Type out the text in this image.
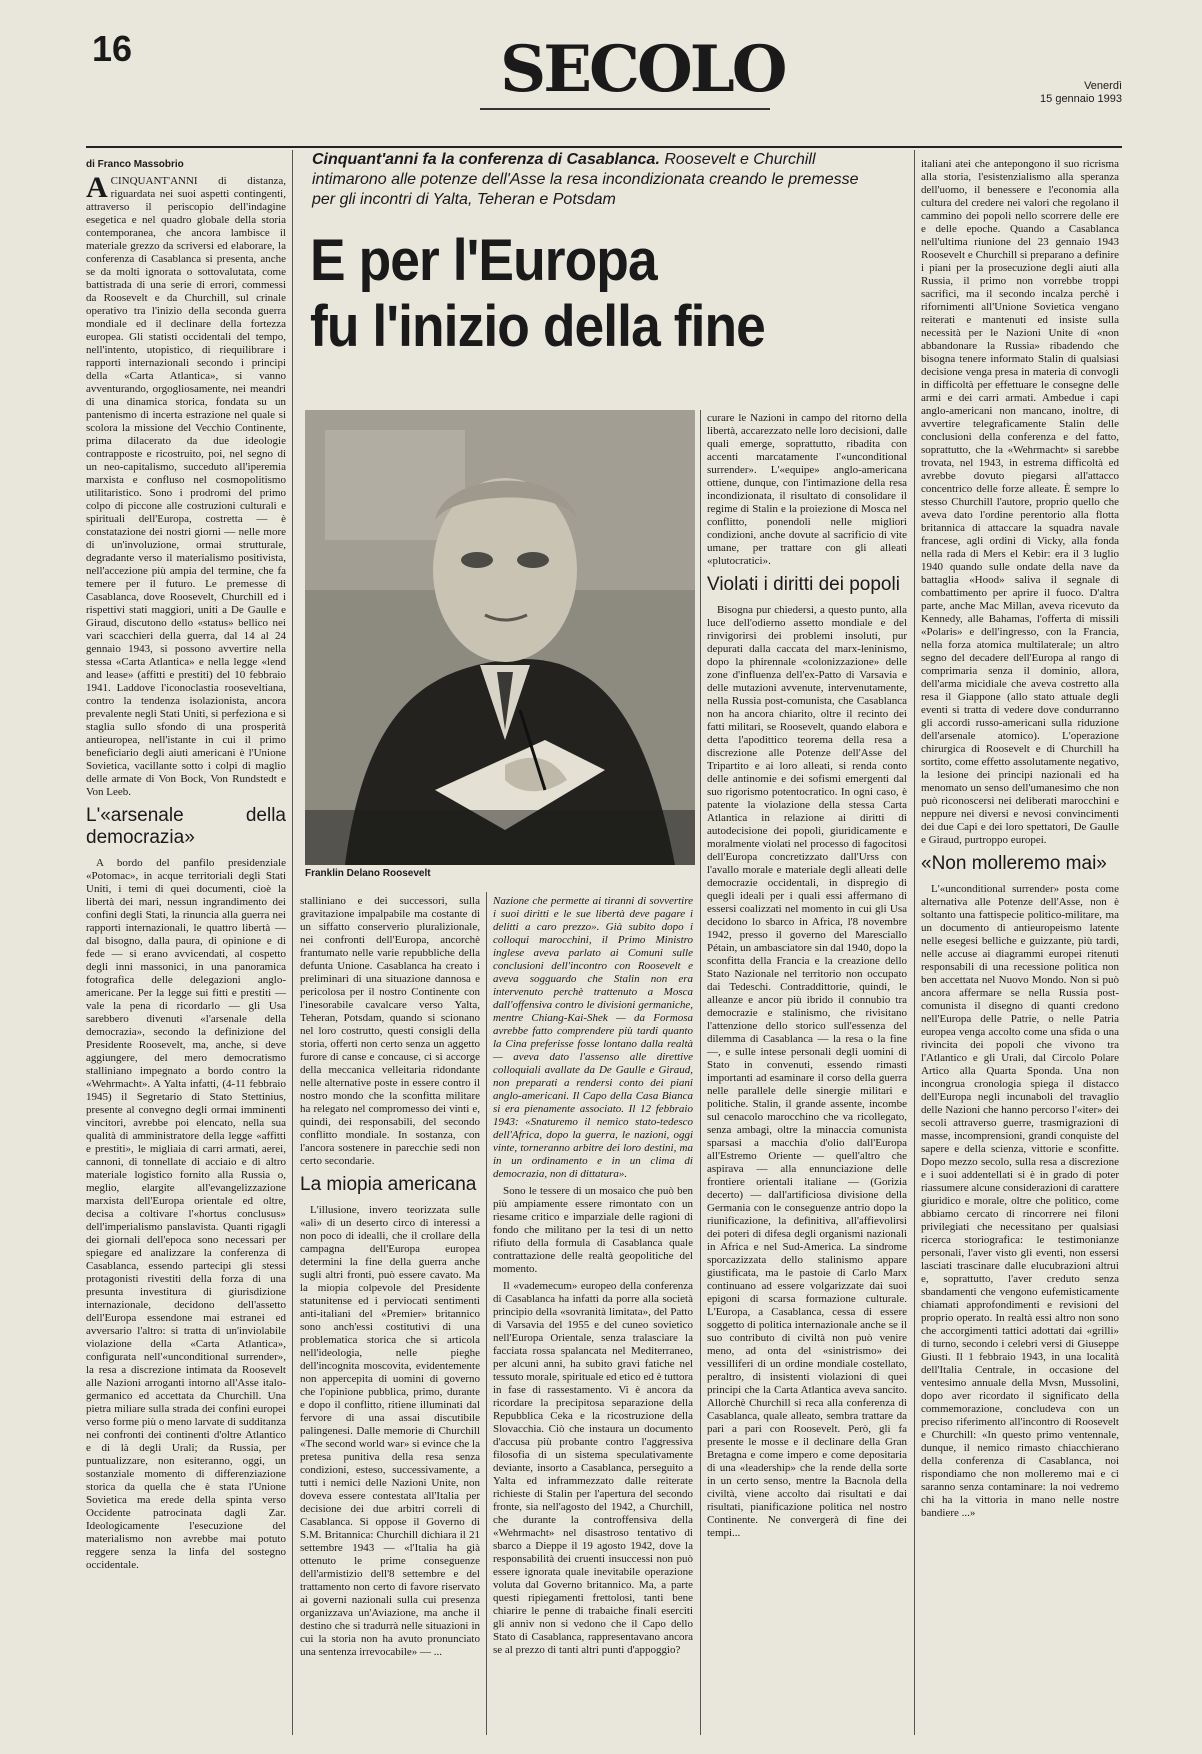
16	SECOLO	Venerdì
15 gennaio 1993
Cinquant'anni fa la conferenza di Casablanca. Roosevelt e Churchill intimarono alle potenze dell'Asse la resa incondizionata creando le premesse per gli incontri di Yalta, Teheran e Potsdam
E per l'Europa
fu l'inizio della fine
Franklin Delano Roosevelt
di Franco Massobrio

ACINQUANT'ANNI di distanza, riguardata nei suoi aspetti contingenti, attraverso il periscopio dell'indagine esegetica e nel quadro globale della storia contemporanea, che ancora lambisce il materiale grezzo da scriversi ed elaborare, la conferenza di Casablanca si presenta, anche se da molti ignorata o sottovalutata, come battistrada di una serie di errori, commessi da Roosevelt e da Churchill, sul crinale operativo tra l'inizio della seconda guerra mondiale ed il declinare della fortezza europea. Gli statisti occidentali del tempo, nell'intento, utopistico, di riequilibrare i rapporti internazionali secondo i principi della «Carta Atlantica», si vanno avventurando, orgogliosamente, nei meandri di una dinamica storica, fondata su un pantenismo di incerta estrazione nel quale si scolora la missione del Vecchio Continente, prima dilacerato da due ideologie contrapposte e ricostruito, poi, nel segno di un neo-capitalismo, succeduto all'iperemia marxista e confluso nel cosmopolitismo utilitaristico. Sono i prodromi del primo colpo di piccone alle costruzioni culturali e spirituali dell'Europa, costretta — è constatazione dei nostri giorni — nelle more di un'involuzione, ormai strutturale, degradante verso il materialismo positivista, nell'accezione più ampia del termine, che fa temere per il futuro. Le premesse di Casablanca, dove Roosevelt, Churchill ed i rispettivi stati maggiori, uniti a De Gaulle e Giraud, discutono dello «status» bellico nei vari scacchieri della guerra, dal 14 al 24 gennaio 1943, si possono avvertire nella stessa «Carta Atlantica» e nella legge «lend and lease» (affitti e prestiti) del 10 febbraio 1941. Laddove l'iconoclastia rooseveltiana, contro la tendenza isolazionista, ancora prevalente negli Stati Uniti, si perfeziona e si staglia sullo sfondo di una prosperità antieuropea, nell'istante in cui il primo beneficiario degli aiuti americani è l'Unione Sovietica, vacillante sotto i colpi di maglio delle armate di Von Bock, Von Rundstedt e Von Leeb.

L'«arsenale della democrazia»

A bordo del panfilo presidenziale «Potomac», in acque territoriali degli Stati Uniti, i temi di quei documenti, cioè la libertà dei mari, nessun ingrandimento dei confini degli Stati, la rinuncia alla guerra nei rapporti internazionali, le quattro libertà — dal bisogno, dalla paura, di opinione e di fede — si erano avvicendati, al cospetto degli inni massonici, in una panoramica fotografica delle delegazioni anglo-americane. Per la legge sui fitti e prestiti — vale la pena di ricordarlo — gli Usa sarebbero divenuti «l'arsenale della democrazia», secondo la definizione del Presidente Roosevelt, ma, anche, si deve aggiungere, del mero democratismo stalliniano impegnato a bordo contro la «Wehrmacht». A Yalta infatti, (4-11 febbraio 1945) il Segretario di Stato Stettinius, presente al convegno degli ormai imminenti vincitori, avrebbe poi elencato, nella sua qualità di amministratore della legge «affitti e prestiti», le migliaia di carri armati, aerei, cannoni, di tonnellate di acciaio e di altro materiale logistico fornito alla Russia o, meglio, elargite all'evangelizzazione marxista dell'Europa orientale ed oltre, decisa a coltivare l'«hortus conclusus» dell'imperialismo panslavista. Quanti rigagli dei giornali dell'epoca sono necessari per spiegare ed analizzare la conferenza di Casablanca, essendo partecipi gli stessi protagonisti rivestiti della forza di una presunta investitura di giurisdizione internazionale, decidono dell'assetto dell'Europa essendone mai estranei ed avversario l'altro: si tratta di un'inviolabile violazione della «Carta Atlantica», configurata nell'«unconditional surrender», la resa a discrezione intimata da Roosevelt alle Nazioni arroganti intorno all'Asse italo-germanico ed accettata da Churchill. Una pietra miliare sulla strada dei confini europei verso forme più o meno larvate di sudditanza nei confronti dei continenti d'oltre Atlantico e di là degli Urali; da Russia, per puntualizzare, non esiteranno, oggi, un sostanziale momento di differenziazione storica da quella che è stata l'Unione Sovietica ma erede della spinta verso Occidente patrocinata dagli Zar. Ideologicamente l'esecuzione del materialismo non avrebbe mai potuto reggere senza la linfa del sostegno occidentale.

stalliniano e dei successori, sulla gravitazione impalpabile ma costante di un siffatto conserverio pluralizionale, nei confronti dell'Europa, ancorchè frantumato nelle varie repubbliche della defunta Unione. Casablanca ha creato i preliminari di una situazione dannosa e pericolosa per il nostro Continente con l'inesorabile cavalcare verso Yalta, Teheran, Potsdam, quando si scionano nel loro costrutto, questi consigli della storia, offerti non certo senza un aggetto furore di canse e concause, ci si accorge della meccanica velleitaria ridondante nelle alternative poste in essere contro il nostro mondo che la sconfitta militare ha relegato nel compromesso dei vinti e, quindi, dei responsabili, del secondo conflitto mondiale. In sostanza, con l'ancora sostenere in parecchie sedi non certo secondarie.

La miopia americana

L'illusione, invero teorizzata sulle «ali» di un deserto circo di interessi a non poco di idealli, che il crollare della campagna dell'Europa europea determini la fine della guerra anche sugli altri fronti, può essere cavato. Ma la miopia colpevole del Presidente statunitense ed i perviocati sentimenti anti-italiani del «Premier» britannico sono anch'essi costitutivi di una problematica storica che si articola nell'ideologia, nelle pieghe dell'incognita moscovita, evidentemente non appercepita di uomini di governo che l'opinione pubblica, primo, durante e dopo il conflitto, ritiene illuminati dal fervore di una assai discutibile palingenesi. Dalle memorie di Churchill «The second world war» si evince che la pretesa punitiva della resa senza condizioni, esteso, successivamente, a tutti i nemici delle Nazioni Unite, non doveva essere contestata all'Italia per decisione dei due arbitri correli di Casablanca. Si oppose il Governo di S.M. Britannica: Churchill dichiara il 21 settembre 1943 — «l'Italia ha già ottenuto le prime conseguenze dell'armistizio dell'8 settembre e del trattamento non certo di favore riservato ai governi nazionali sulla cui presenza organizzava un'Aviazione, ma anche il destino che si tradurrà nelle situazioni in cui la storia non ha avuto pronunciato una sentenza irrevocabile» — ...

Nazione che permette ai tiranni di sovvertire i suoi diritti e le sue libertà deve pagare i delitti a caro prezzo». Già subito dopo i colloqui marocchini, il Primo Ministro inglese aveva parlato ai Comuni sulle conclusioni dell'incontro con Roosevelt e aveva sogguardo che Stalin non era intervenuto perchè trattenuto a Mosca dall'offensiva contro le divisioni germaniche, mentre Chiang-Kai-Shek — da Formosa avrebbe fatto comprendere più tardi quanto la Cina preferisse fosse lontano dalla realtà — aveva dato l'assenso alle direttive colloquiali avallate da De Gaulle e Giraud, non preparati a rendersi conto dei piani anglo-americani. Il Capo della Casa Bianca si era pienamente associato. Il 12 febbraio 1943: «Snaturemo il nemico stato-tedesco dell'Africa, dopo la guerra, le nazioni, oggi vinte, torneranno arbitre dei loro destini, ma in un ordinamento e in un clima di democrazia, non di dittatura».

Sono le tessere di un mosaico che può ben più ampiamente essere rimontato con un riesame critico e imparziale delle ragioni di fondo che militano per la tesi di un netto rifiuto della formula di Casablanca quale contrattazione delle realtà geopolitiche del momento.

Il «vademecum» europeo della conferenza di Casablanca ha infatti da porre alla società principio della «sovranità limitata», del Patto di Varsavia del 1955 e del cuneo sovietico nell'Europa Orientale, senza tralasciare la facciata rossa spalancata nel Mediterraneo, per alcuni anni, ha subito gravi fatiche nel tessuto morale, spirituale ed etico ed è tuttora in fase di rassestamento. Vi è ancora da ricordare la precipitosa separazione della Repubblica Ceka e la ricostruzione della Slovacchia. Ciò che instaura un documento d'accusa più probante contro l'aggressiva filosofia di un sistema speculativamente deviante, insorto a Casablanca, perseguito a Yalta ed inframmezzato dalle reiterate richieste di Stalin per l'apertura del secondo fronte, sia nell'agosto del 1942, a Churchill, che durante la controffensiva della «Wehrmacht» nel disastroso tentativo di sbarco a Dieppe il 19 agosto 1942, dove la responsabilità dei cruenti insuccessi non può essere ignorata quale inevitabile operazione voluta dal Governo britannico. Ma, a parte questi ripiegamenti frettolosi, tanti bene chiarire le penne di trabaiche finali eserciti gli anniv non si vedono che il Capo dello Stato di Casablanca, rappresentavano ancora se al prezzo di tanti altri punti d'appoggio?

curare le Nazioni in campo del ritorno della libertà, accarezzato nelle loro decisioni, dalle quali emerge, soprattutto, ribadita con accenti marcatamente l'«unconditional surrender». L'«equipe» anglo-americana ottiene, dunque, con l'intimazione della resa incondizionata, il risultato di consolidare il regime di Stalin e la proiezione di Mosca nel conflitto, ponendoli nelle migliori condizioni, anche dovute al sacrificio di vite umane, per trattare con gli alleati «plutocratici».

Violati i diritti dei popoli

Bisogna pur chiedersi, a questo punto, alla luce dell'odierno assetto mondiale e del rinvigorirsi dei problemi insoluti, pur depurati dalla caccata del marx-leninismo, dopo la phirennale «colonizzazione» delle zone d'influenza dell'ex-Patto di Varsavia e delle mutazioni avvenute, intervenutamente, nella Russia post-comunista, che Casablanca non ha ancora chiarito, oltre il recinto dei fatti militari, se Roosevelt, quando elabora e detta l'apodittico teorema della resa a discrezione alle Potenze dell'Asse del Tripartito e ai loro alleati, si renda conto delle antinomie e dei sofismi emergenti dal suo rigorismo potentocratico. In ogni caso, è patente la violazione della stessa Carta Atlantica in relazione ai diritti di autodecisione dei popoli, giuridicamente e moralmente violati nel processo di fagocitosi dell'Europa concretizzato dall'Urss con l'avallo morale e materiale degli alleati delle democrazie occidentali, in dispregio di quegli ideali per i quali essi affermano di essersi coalizzati nel momento in cui gli Usa decidono lo sbarco in Africa, l'8 novembre 1942, presso il governo del Maresciallo Pétain, un ambasciatore sin dal 1940, dopo la sconfitta della Francia e la creazione dello Stato Nazionale nel territorio non occupato dai Tedeschi. Contraddittorie, quindi, le alleanze e ancor più ibrido il connubio tra democrazie e stalinismo, che rivisitano l'attenzione dello storico sull'essenza del dilemma di Casablanca — la resa o la fine —, e sulle intese personali degli uomini di Stato in convenuti, essendo rimasti importanti ad esaminare il corso della guerra nelle parallele delle sinergie militari e politiche. Stalin, il grande assente, incombe sul cenacolo marocchino che va ricollegato, senza ambagi, oltre la minaccia comunista sparsasi a macchia d'olio dall'Europa all'Estremo Oriente — quell'altro che aspirava — alla ennunciazione delle frontiere orientali italiane — (Gorizia decerto) — dall'artificiosa divisione della Germania con le conseguenze antrio dopo la riunificazione, la definitiva, all'affievolirsi dei poteri di difesa degli organismi nazionali in Africa e nel Sud-America. La sindrome sporcazizzata dello stalinismo appare giustificata, ma le pastoie di Carlo Marx continuano ad essere volgarizzate dai suoi epigoni di scarsa formazione culturale. L'Europa, a Casablanca, cessa di essere soggetto di politica internazionale anche se il suo contributo di civiltà non può venire meno, ad onta del «sinistrismo» dei vessilliferi di un ordine mondiale costellato, peraltro, di insistenti violazioni di quei principi che la Carta Atlantica aveva sancito. Allorchè Churchill si reca alla conferenza di Casablanca, quale alleato, sembra trattare da pari a pari con Roosevelt. Però, gli fa presente le mosse e il declinare della Gran Bretagna e come impero e come depositaria di una «leadership» che la rende della sorte in un certo senso, mentre la Bacnola della civiltà, viene accolto dai risultati e dai risultati, pianificazione politica nel nostro Continente. Ne convergerà di fine dei tempi...

italiani atei che antepongono il suo ricrisma alla storia, l'esistenzialismo alla speranza dell'uomo, il benessere e l'economia alla cultura del credere nei valori che regolano il cammino dei popoli nello scorrere delle ere e delle epoche. Quando a Casablanca nell'ultima riunione del 23 gennaio 1943 Roosevelt e Churchill si preparano a definire i piani per la prosecuzione degli aiuti alla Russia, il primo non vorrebbe troppi sacrifici, ma il secondo incalza perchè i rifornimenti all'Unione Sovietica vengano reiterati e mantenuti ed insiste sulla necessità per le Nazioni Unite di «non abbandonare la Russia» ribadendo che bisogna tenere informato Stalin di qualsiasi decisione venga presa in materia di convogli in difficoltà per effettuare le consegne delle armi e dei carri armati. Ambedue i capi anglo-americani non mancano, inoltre, di avvertire telegraficamente Stalin delle conclusioni della conferenza e del fatto, soprattutto, che la «Wehrmacht» si sarebbe trovata, nel 1943, in estrema difficoltà ed avrebbe dovuto piegarsi all'attacco concentrico delle forze alleate. È sempre lo stesso Churchill l'autore, proprio quello che aveva dato l'ordine perentorio alla flotta britannica di attaccare la squadra navale francese, agli ordini di Vicky, alla fonda nella rada di Mers el Kebir: era il 3 luglio 1940 quando sulle ondate della nave da battaglia «Hood» saliva il segnale di combattimento per aprire il fuoco. D'altra parte, anche Mac Millan, aveva ricevuto da Kennedy, alle Bahamas, l'offerta di missili «Polaris» e dell'ingresso, con la Francia, nella forza atomica multilaterale; un altro segno del decadere dell'Europa al rango di comprimaria senza il dominio, allora, dell'arma micidiale che aveva costretto alla resa il Giappone (allo stato attuale degli eventi si tratta di vedere dove condurranno gli accordi russo-americani sulla riduzione dell'arsenale atomico). L'operazione chirurgica di Roosevelt e di Churchill ha sortito, come effetto assolutamente negativo, la lesione dei principi nazionali ed ha menomato un senso dell'umanesimo che non può riconoscersi nei deliberati marocchini e neppure nei diversi e nevosi convincimenti dei due Capi e dei loro spettatori, De Gaulle e Giraud, purtroppo europei.

«Non molleremo mai»

L'«unconditional surrender» posta come alternativa alle Potenze dell'Asse, non è soltanto una fattispecie politico-militare, ma un documento di antieuropeismo latente nelle esegesi belliche e guizzante, più tardi, nelle accuse ai diagrammi europei ritenuti responsabili di una recessione politica non ben accettata nel Nuovo Mondo. Non si può ancora affermare se nella Russia post-comunista il disegno di quanti credono nell'Europa delle Patrie, o nelle Patria europea venga accolto come una sfida o una rivincita dei popoli che vivono tra l'Atlantico e gli Urali, dal Circolo Polare Artico alla Quarta Sponda. Una non incongrua cronologia spiega il distacco dell'Europa negli incunaboli del travaglio delle Nazioni che hanno percorso l'«iter» dei secoli attraverso guerre, trasmigrazioni di masse, incomprensioni, grandi conquiste del sapere e della scienza, vittorie e sconfitte. Dopo mezzo secolo, sulla resa a discrezione e i suoi addentellati si è in grado di poter riassumere alcune considerazioni di carattere giuridico e morale, oltre che politico, come abbiamo cercato di rincorrere nei filoni privilegiati che necessitano per qualsiasi ricerca storiografica: le testimonianze personali, l'aver visto gli eventi, non essersi lasciati trascinare dalle elucubrazioni altrui e, soprattutto, l'aver creduto senza sbandamenti che vengono eufemisticamente chiamati approfondimenti e revisioni del proprio operato. In realtà essi altro non sono che accorgimenti tattici adottati dai «grilli» di turno, secondo i celebri versi di Giuseppe Giusti. Il 1 febbraio 1943, in una località dell'Italia Centrale, in occasione del ventesimo annuale della Mvsn, Mussolini, dopo aver ricordato il significato della commemorazione, concludeva con un preciso riferimento all'incontro di Roosevelt e Churchill: «In questo primo ventennale, dunque, il nemico rimasto chiacchierano della conferenza di Casablanca, noi rispondiamo che non molleremo mai e ci saranno senza contaminare: la noi vedremo chi ha la vittoria in mano nelle nostre bandiere ...»
